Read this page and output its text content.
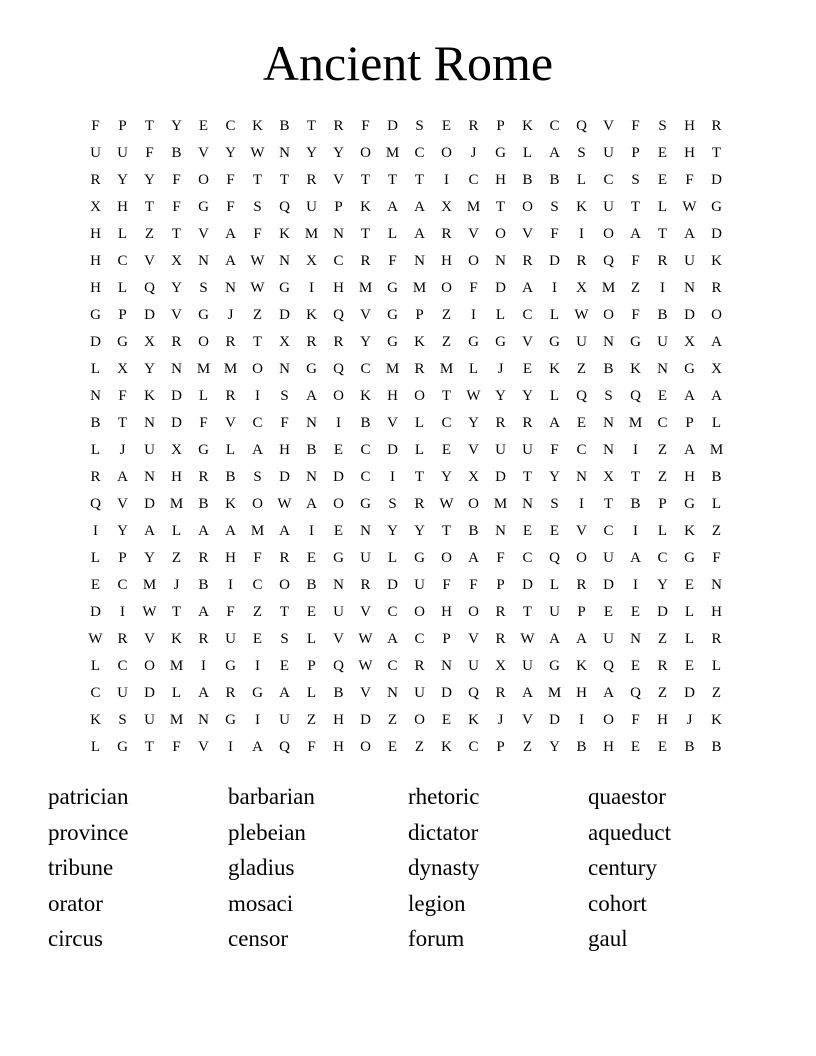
Ancient Rome
F	P	T	Y	E	C	K	B	T	R	F	D	S	E	R	P	K	C	Q	V	F	S	H	R
U	U	F	B	V	Y W N	Y	Y	O M	C	O	J	G	L	A	S	U	P	E	H	T
R	Y	Y	F	O	F	T	T	R	V	T	T	T	I	C	H	B	B	L	C	S	E	F	D
X	H	T	F	G	F	S	Q	U	P	K	A	A	X M	T	O	S	K	U	T	L	W G
H	L	Z	T	V	A	F	K M N	T	L	A	R	V	O	V	F	I	O	A	T	A	D
H	C	V	X	N	A W N	X	C	R	F	N	H	O	N	R	D	R	Q	F	R	U	K
H	L	Q	Y	S	N W G	I	H M G M O	F	D	A	I	X M	Z	I	N	R
G	P	D	V	G	J	Z	D	K	Q	V	G	P	Z	I	L	C	L	W O	F	B	D	O
D	G	X	R	O	R	T	X	R	R	Y	G	K	Z	G	G	V	G	U	N	G	U	X	A
L	X	Y	N M M O	N	G	Q	C	M	R	M	L	J	E	K	Z	B	K	N	G	X
N	F	K	D	L	R	I	S	A	O	K	H	O	T	W Y	Y	L	Q	S	Q	E	A	A
B	T	N	D	F	V	C	F	N	I	B	V	L	C	Y	R	R	A	E	N M	C	P	L
L	J	U	X	G	L	A	H	B	E	C	D	L	E	V	U	U	F	C	N	I	Z	A M
R	A	N	H	R	B	S	D	N	D	C	I	T	Y	X	D	T	Y	N	X	T	Z	H	B
Q	V	D M	B	K	O W A	O	G	S	R W O M N	S	I	T	B	P	G	L
I	Y	A	L	A	A M A	I	E	N	Y	Y	T	B	N	E	E	V	C	I	L	K	Z
L	P	Y	Z	R	H	F	R	E	G	U	L	G	O	A	F	C	Q	O	U	A	C	G	F
E	C	M	J	B	I	C	O	B	N	R	D	U	F	F	P	D	L	R	D	I	Y	E	N
D	I	W	T	A	F	Z	T	E	U	V	C	O	H	O	R	T	U	P	E	E	D	L	H
W R	V	K	R	U	E	S	L	V W A	C	P	V	R W A	A	U	N	Z	L	R
L	C	O M	I	G	I	E	P	Q W C	R	N	U	X	U	G	K	Q	E	R	E	L
C	U	D	L	A	R	G	A	L	B	V	N	U	D	Q	R	A M H	A	Q	Z	D	Z
K	S	U M N	G	I	U	Z	H	D	Z	O	E	K	J	V	D	I	O	F	H	J	K
L	G	T	F	V	I	A	Q	F	H	O	E	Z	K	C	P	Z	Y	B	H	E	E	B	B
patrician	barbarian	rhetoric	quaestor
province	plebeian	dictator	aqueduct
tribune	gladius	dynasty	century
orator	mosaci	legion	cohort
circus	censor	forum	gaul
